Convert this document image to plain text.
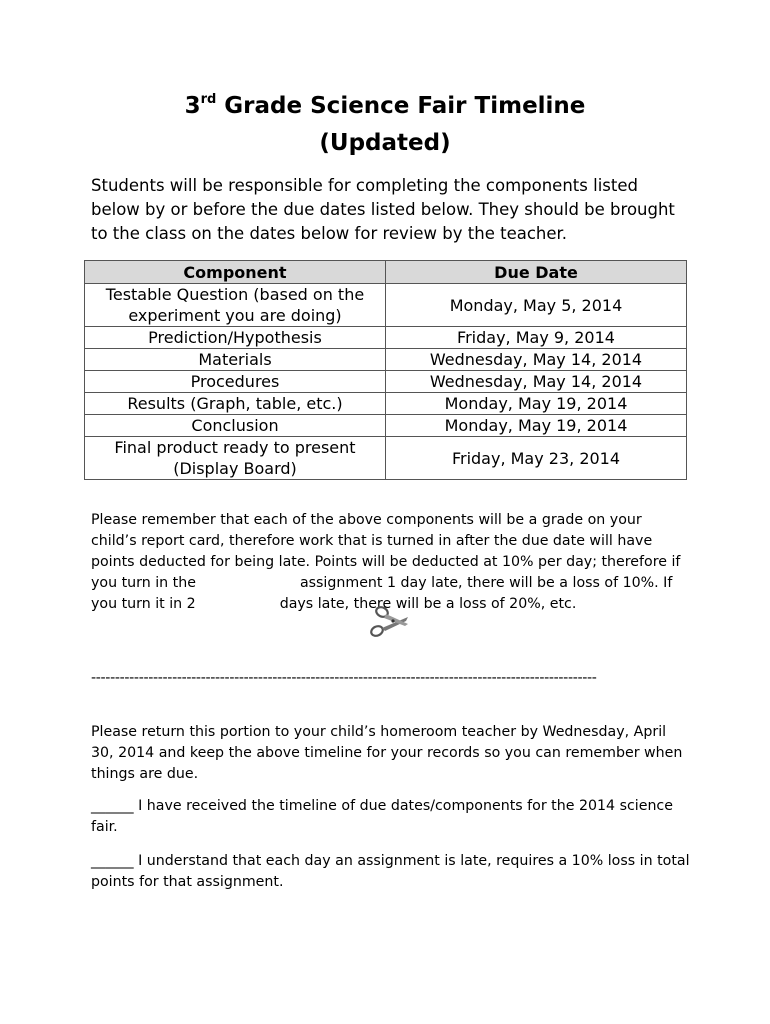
3rd Grade Science Fair Timeline
(Updated)
Students will be responsible for completing the components listed below by or before the due dates listed below. They should be brought to the class on the dates below for review by the teacher.
Component	Due Date
Testable Question (based on the experiment you are doing)	Monday, May 5, 2014
Prediction/Hypothesis	Friday, May 9, 2014
Materials	Wednesday, May 14, 2014
Procedures	Wednesday, May 14, 2014
Results (Graph, table, etc.)	Monday, May 19, 2014
Conclusion	Monday, May 19, 2014
Final product ready to present (Display Board)	Friday, May 23, 2014
Please remember that each of the above components will be a grade on your child’s report card, therefore work that is turned in after the due date will have points deducted for being late. Points will be deducted at 10% per day; therefore if you turn in the	assignment 1 day late, there will be a loss of 10%. If you turn it in 2	days late, there will be a loss of 20%, etc.
----------------------------------------------------------------------------------------------------------
Please return this portion to your child’s homeroom teacher by Wednesday, April 30, 2014 and keep the above timeline for your records so you can remember when things are due.
______ I have received the timeline of due dates/components for the 2014 science fair.
______ I understand that each day an assignment is late, requires a 10% loss in total points for that assignment.
